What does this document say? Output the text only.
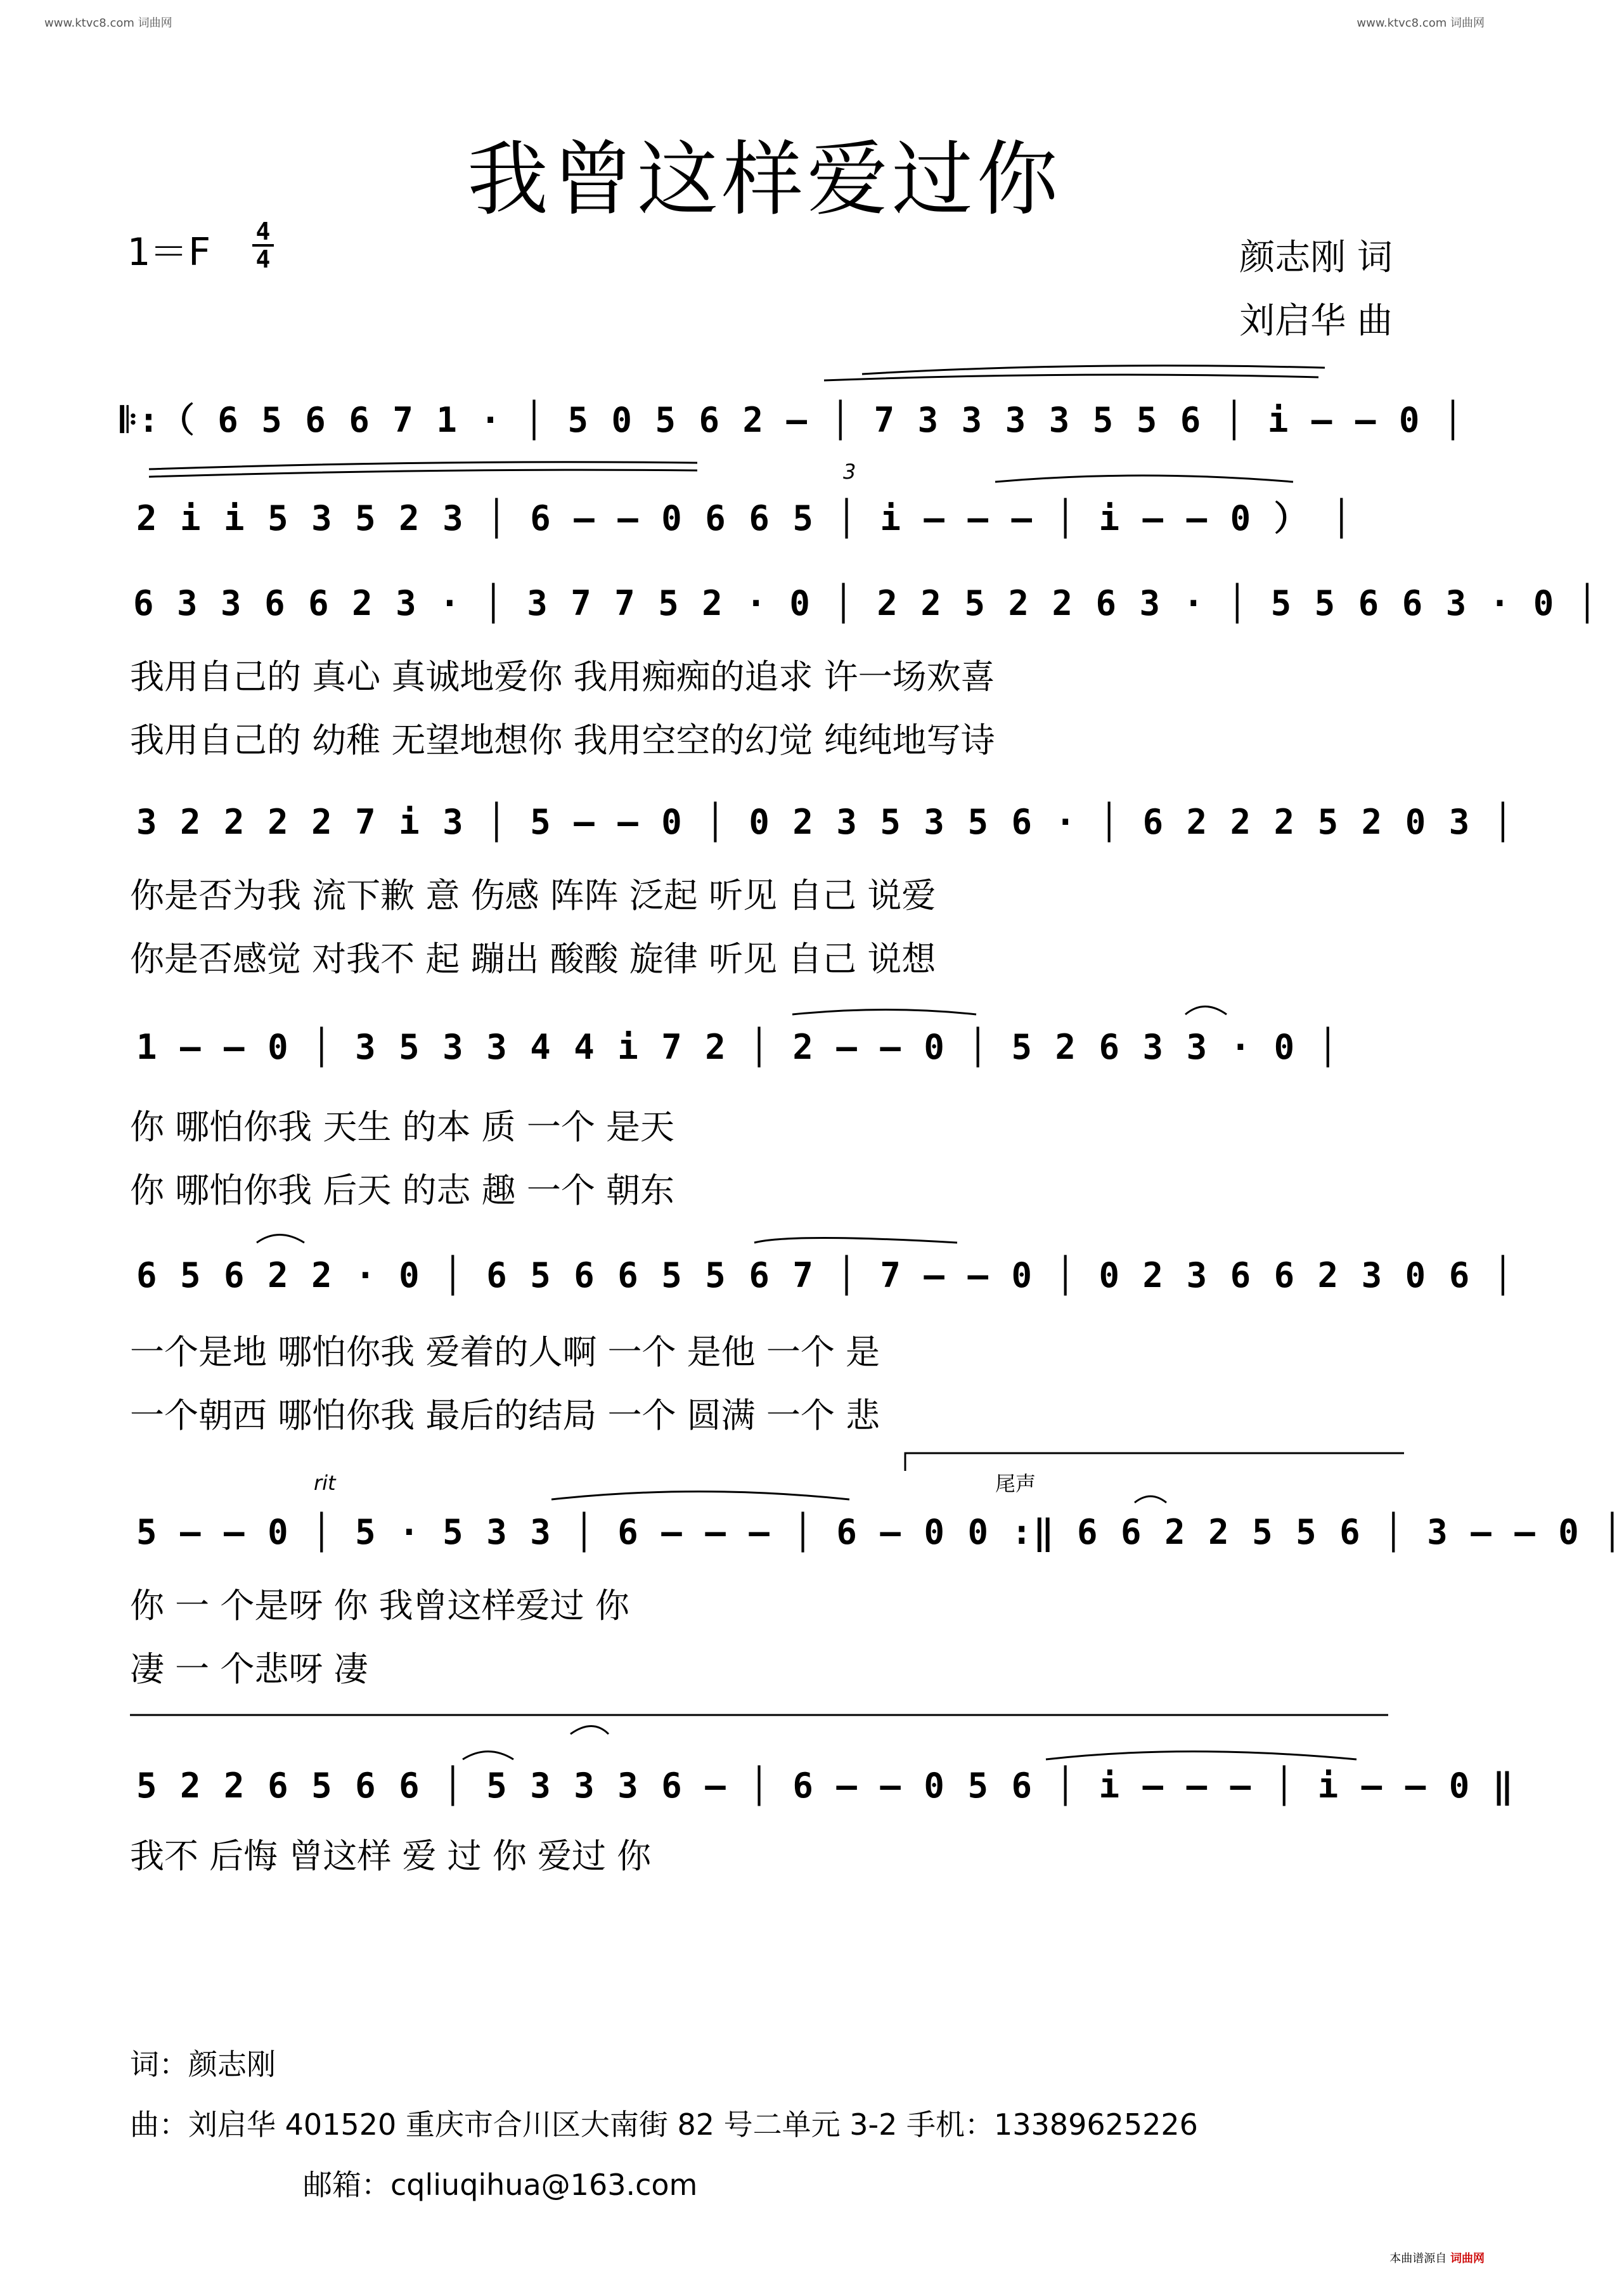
www.ktvc8.com 词曲网	www.ktvc8.com 词曲网
我曾这样爱过你
1＝F 4
4	颜志刚 词
刘启华 曲
𝄆:（ 6 5 6 6 7 1 · │ 5 0 5 6 2 – │ 7 3 3 3 3 5 5 6 │ i – – 0 │
2 i i 5 3 5 2 3 │ 6 – – 0 6 6 5 │ i – – – │ i – – 0 ） │
3
6 3 3 6 6 2 3 · │ 3 7 7 5 2 · 0 │ 2 2 5 2 2 6 3 · │ 5 5 6 6 3 · 0 │
我用自己的 真心 真诚地爱你 我用痴痴的追求 许一场欢喜
我用自己的 幼稚 无望地想你 我用空空的幻觉 纯纯地写诗
3 2 2 2 2 7 i 3 │ 5 – – 0 │ 0 2 3 5 3 5 6 · │ 6 2 2 2 5 2 0 3 │
你是否为我 流下歉 意 伤感 阵阵 泛起 听见 自己 说爱
你是否感觉 对我不 起 蹦出 酸酸 旋律 听见 自己 说想
1 – – 0 │ 3 5 3 3 4 4 i 7 2 │ 2 – – 0 │ 5 2 6 3 3 · 0 │
你 哪怕你我 天生 的本 质 一个 是天
你 哪怕你我 后天 的志 趣 一个 朝东
6 5 6 2 2 · 0 │ 6 5 6 6 5 5 6 7 │ 7 – – 0 │ 0 2 3 6 6 2 3 0 6 │
一个是地 哪怕你我 爱着的人啊 一个 是他 一个 是
一个朝西 哪怕你我 最后的结局 一个 圆满 一个 悲
rit	尾声
5 – – 0 │ 5 · 5 3 3 │ 6 – – – │ 6 – 0 0 :‖ 6 6 2 2 5 5 6 │ 3 – – 0 │
你 一 个是呀 你 我曾这样爱过 你
凄 一 个悲呀 凄
5 2 2 6 5 6 6 │ 5 3 3 3 6 – │ 6 – – 0 5 6 │ i – – – │ i – – 0 ‖
我不 后悔 曾这样 爱 过 你 爱过 你
词：颜志刚
曲：刘启华 401520 重庆市合川区大南街 82 号二单元 3-2 手机：13389625226
邮箱：cqliuqihua@163.com
本曲谱源自 词曲网
